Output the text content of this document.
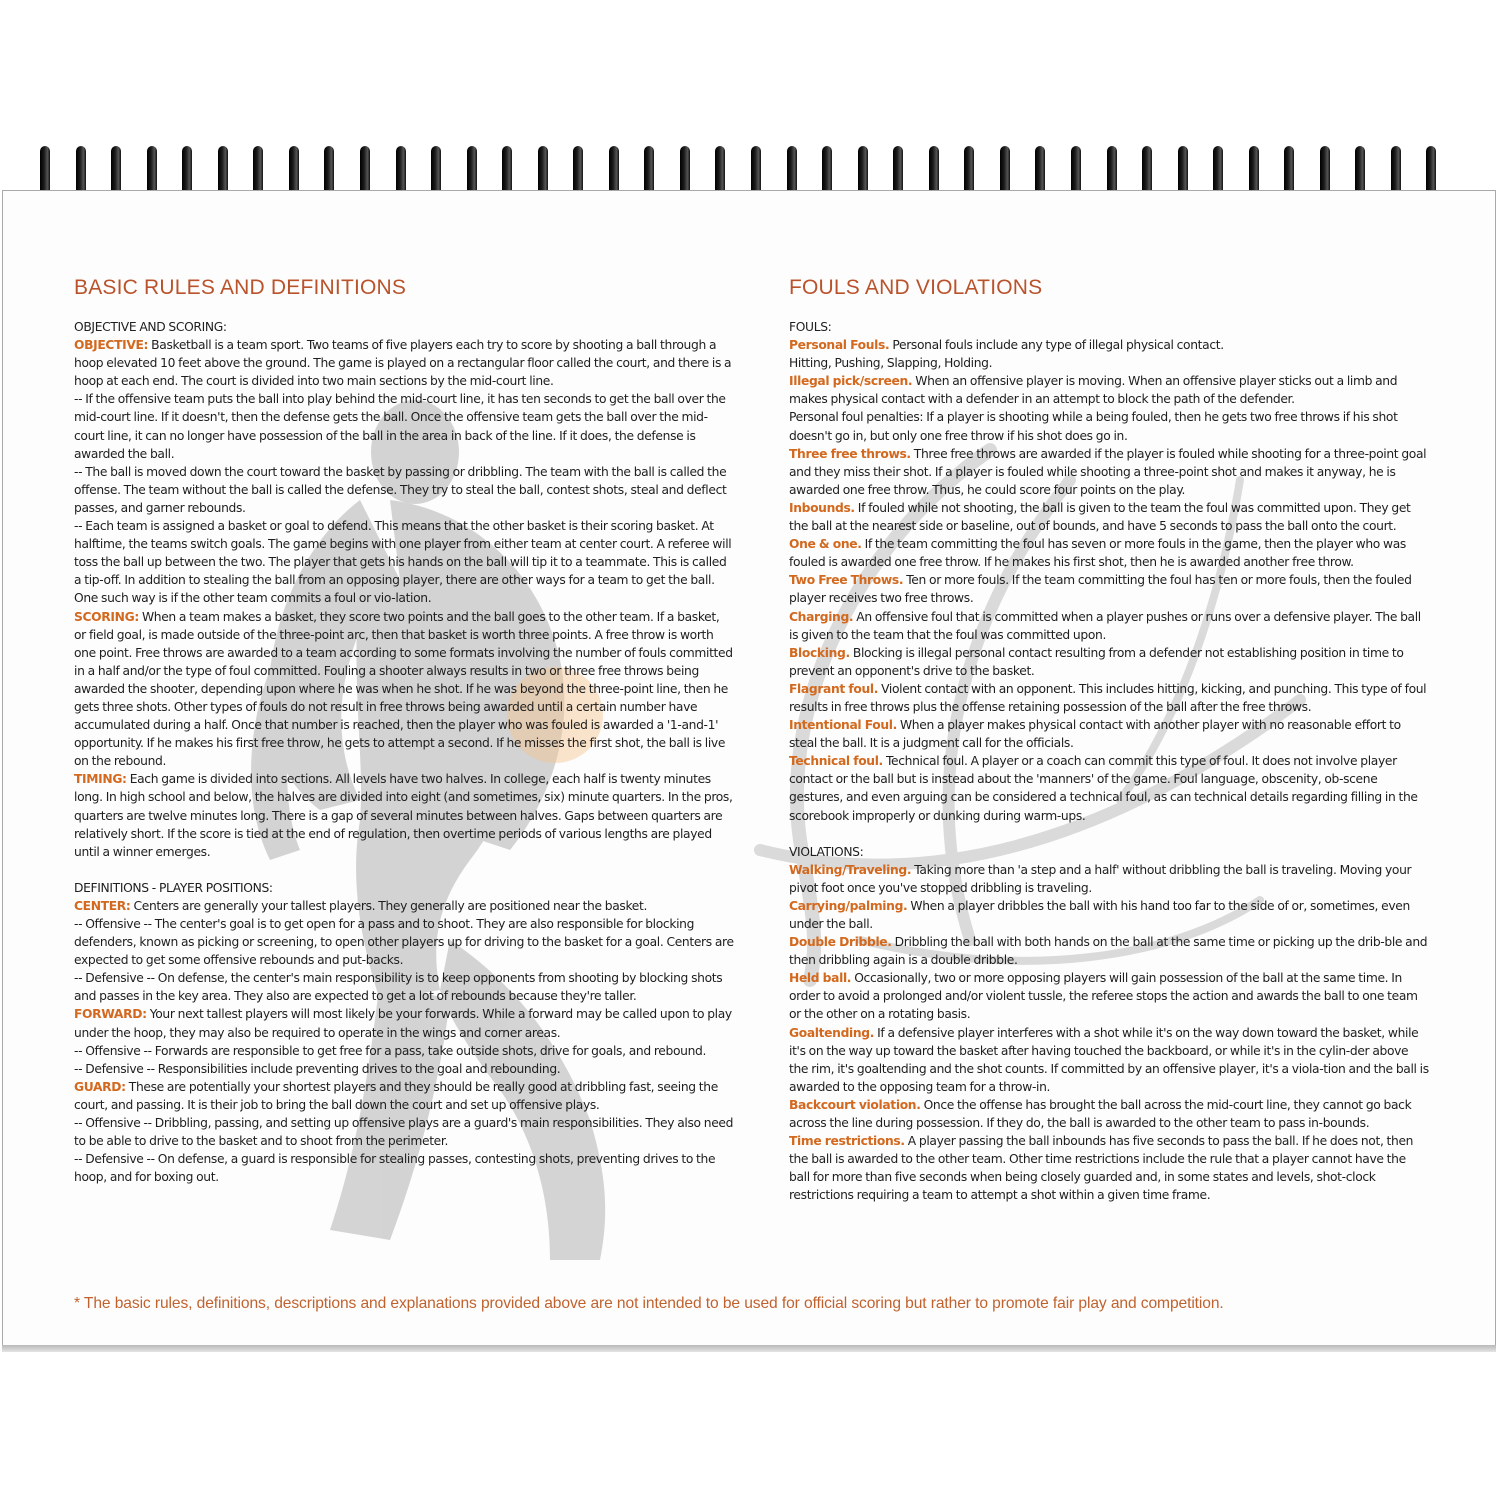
BASIC RULES AND DEFINITIONS

OBJECTIVE AND SCORING:

OBJECTIVE: Basketball is a team sport. Two teams of five players each try to score by shooting a ball through a hoop elevated 10 feet above the ground. The game is played on a rectangular floor called the court, and there is a hoop at each end. The court is divided into two main sections by the mid-court line.

-- If the offensive team puts the ball into play behind the mid-court line, it has ten seconds to get the ball over the mid-court line. If it doesn't, then the defense gets the ball. Once the offensive team gets the ball over the mid-court line, it can no longer have possession of the ball in the area in back of the line. If it does, the defense is awarded the ball.

-- The ball is moved down the court toward the basket by passing or dribbling. The team with the ball is called the offense. The team without the ball is called the defense. They try to steal the ball, contest shots, steal and deflect passes, and garner rebounds.

-- Each team is assigned a basket or goal to defend. This means that the other basket is their scoring basket. At halftime, the teams switch goals. The game begins with one player from either team at center court. A referee will toss the ball up between the two. The player that gets his hands on the ball will tip it to a teammate. This is called a tip-off. In addition to stealing the ball from an opposing player, there are other ways for a team to get the ball. One such way is if the other team commits a foul or vio-lation.

SCORING: When a team makes a basket, they score two points and the ball goes to the other team. If a basket, or field goal, is made outside of the three-point arc, then that basket is worth three points. A free throw is worth one point. Free throws are awarded to a team according to some formats involving the number of fouls committed in a half and/or the type of foul committed. Fouling a shooter always results in two or three free throws being awarded the shooter, depending upon where he was when he shot. If he was beyond the three-point line, then he gets three shots. Other types of fouls do not result in free throws being awarded until a certain number have accumulated during a half. Once that number is reached, then the player who was fouled is awarded a '1-and-1' opportunity. If he makes his first free throw, he gets to attempt a second. If he misses the first shot, the ball is live on the rebound.

TIMING: Each game is divided into sections. All levels have two halves. In college, each half is twenty minutes long. In high school and below, the halves are divided into eight (and sometimes, six) minute quarters. In the pros, quarters are twelve minutes long. There is a gap of several minutes between halves. Gaps between quarters are relatively short. If the score is tied at the end of regulation, then overtime periods of various lengths are played until a winner emerges.

DEFINITIONS - PLAYER POSITIONS:

CENTER: Centers are generally your tallest players. They generally are positioned near the basket.

-- Offensive -- The center's goal is to get open for a pass and to shoot. They are also responsible for blocking defenders, known as picking or screening, to open other players up for driving to the basket for a goal. Centers are expected to get some offensive rebounds and put-backs.

-- Defensive -- On defense, the center's main responsibility is to keep opponents from shooting by blocking shots and passes in the key area. They also are expected to get a lot of rebounds because they're taller.

FORWARD: Your next tallest players will most likely be your forwards. While a forward may be called upon to play under the hoop, they may also be required to operate in the wings and corner areas.

-- Offensive -- Forwards are responsible to get free for a pass, take outside shots, drive for goals, and rebound.

-- Defensive -- Responsibilities include preventing drives to the goal and rebounding.

GUARD: These are potentially your shortest players and they should be really good at dribbling fast, seeing the court, and passing. It is their job to bring the ball down the court and set up offensive plays.

-- Offensive -- Dribbling, passing, and setting up offensive plays are a guard's main responsibilities. They also need to be able to drive to the basket and to shoot from the perimeter.

-- Defensive -- On defense, a guard is responsible for stealing passes, contesting shots, preventing drives to the hoop, and for boxing out.

FOULS AND VIOLATIONS

FOULS:

Personal Fouls. Personal fouls include any type of illegal physical contact.

Hitting, Pushing, Slapping, Holding.

Illegal pick/screen. When an offensive player is moving. When an offensive player sticks out a limb and makes physical contact with a defender in an attempt to block the path of the defender.

Personal foul penalties: If a player is shooting while a being fouled, then he gets two free throws if his shot doesn't go in, but only one free throw if his shot does go in.

Three free throws. Three free throws are awarded if the player is fouled while shooting for a three-point goal and they miss their shot. If a player is fouled while shooting a three-point shot and makes it anyway, he is awarded one free throw. Thus, he could score four points on the play.

Inbounds. If fouled while not shooting, the ball is given to the team the foul was committed upon. They get the ball at the nearest side or baseline, out of bounds, and have 5 seconds to pass the ball onto the court.

One & one. If the team committing the foul has seven or more fouls in the game, then the player who was fouled is awarded one free throw. If he makes his first shot, then he is awarded another free throw.

Two Free Throws. Ten or more fouls. If the team committing the foul has ten or more fouls, then the fouled player receives two free throws.

Charging. An offensive foul that is committed when a player pushes or runs over a defensive player. The ball is given to the team that the foul was committed upon.

Blocking. Blocking is illegal personal contact resulting from a defender not establishing position in time to prevent an opponent's drive to the basket.

Flagrant foul. Violent contact with an opponent. This includes hitting, kicking, and punching. This type of foul results in free throws plus the offense retaining possession of the ball after the free throws.

Intentional Foul. When a player makes physical contact with another player with no reasonable effort to steal the ball. It is a judgment call for the officials.

Technical foul. Technical foul. A player or a coach can commit this type of foul. It does not involve player contact or the ball but is instead about the 'manners' of the game. Foul language, obscenity, ob-scene gestures, and even arguing can be considered a technical foul, as can technical details regarding filling in the scorebook improperly or dunking during warm-ups.

VIOLATIONS:

Walking/Traveling. Taking more than 'a step and a half' without dribbling the ball is traveling. Moving your pivot foot once you've stopped dribbling is traveling.

Carrying/palming. When a player dribbles the ball with his hand too far to the side of or, sometimes, even under the ball.

Double Dribble. Dribbling the ball with both hands on the ball at the same time or picking up the drib-ble and then dribbling again is a double dribble.

Held ball. Occasionally, two or more opposing players will gain possession of the ball at the same time. In order to avoid a prolonged and/or violent tussle, the referee stops the action and awards the ball to one team or the other on a rotating basis.

Goaltending. If a defensive player interferes with a shot while it's on the way down toward the basket, while it's on the way up toward the basket after having touched the backboard, or while it's in the cylin-der above the rim, it's goaltending and the shot counts. If committed by an offensive player, it's a viola-tion and the ball is awarded to the opposing team for a throw-in.

Backcourt violation. Once the offense has brought the ball across the mid-court line, they cannot go back across the line during possession. If they do, the ball is awarded to the other team to pass in-bounds.

Time restrictions. A player passing the ball inbounds has five seconds to pass the ball. If he does not, then the ball is awarded to the other team. Other time restrictions include the rule that a player cannot have the ball for more than five seconds when being closely guarded and, in some states and levels, shot-clock restrictions requiring a team to attempt a shot within a given time frame.

* The basic rules, definitions, descriptions and explanations provided above are not intended to be used for official scoring but rather to promote fair play and competition.
